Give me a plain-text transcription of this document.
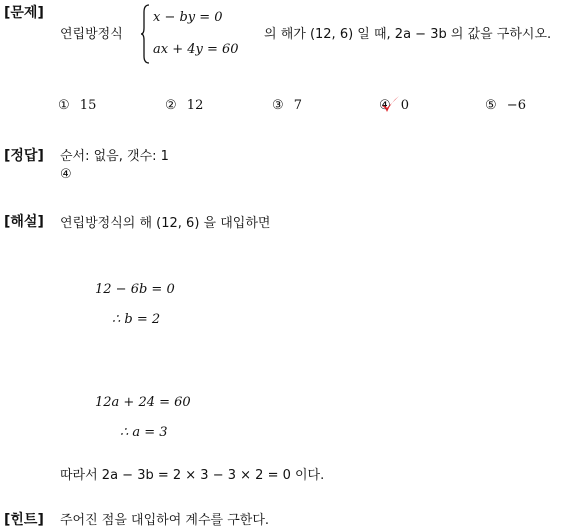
[문제]
연립방정식
x − by = 0
ax + 4y = 60
의 해가 (12, 6) 일 때, 2a − 3b 의 값을 구하시오.
① 15	② 12	③ 7	④ 0	⑤ −6
[정답] 순서: 없음, 갯수: 1
④
[해설] 연립방정식의 해 (12, 6) 을 대입하면
12 − 6b = 0
∴ b = 2
12a + 24 = 60
∴ a = 3
따라서 2a − 3b = 2 × 3 − 3 × 2 = 0 이다.
[힌트] 주어진 점을 대입하여 계수를 구한다.
